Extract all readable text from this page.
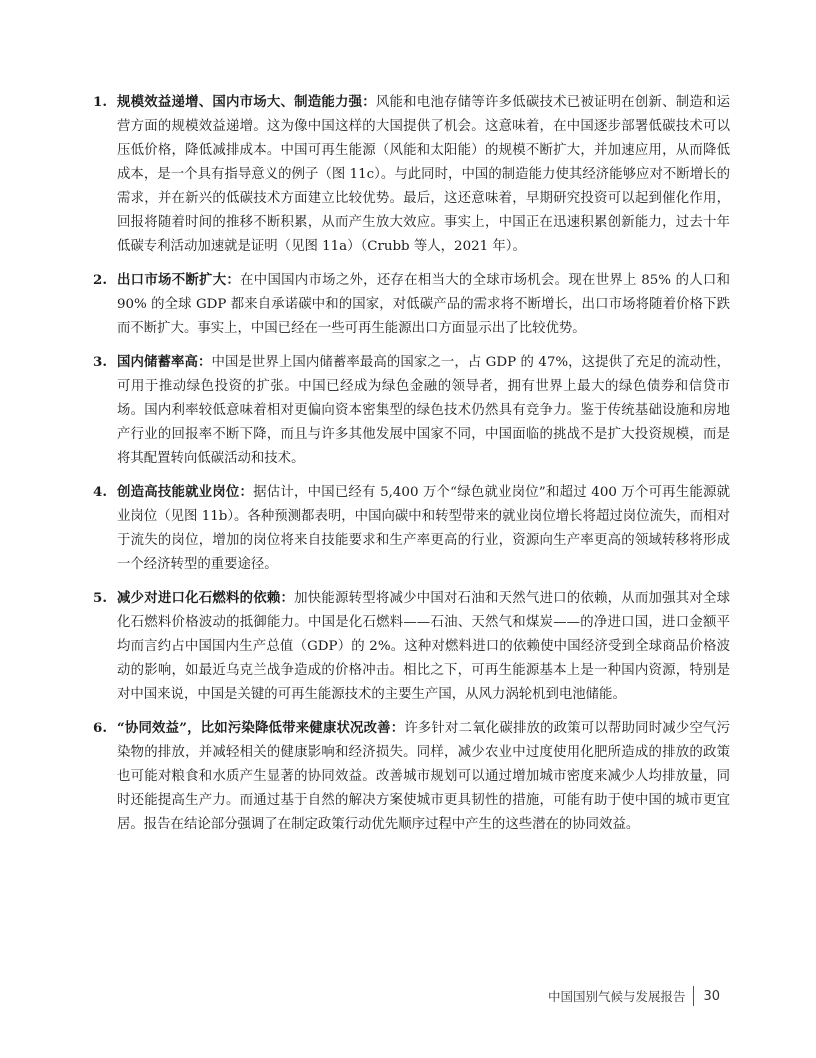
1. 规模效益递增、国内市场大、制造能力强：风能和电池存储等许多低碳技术已被证明在创新、制造和运营方面的规模效益递增。这为像中国这样的大国提供了机会。这意味着，在中国逐步部署低碳技术可以压低价格，降低减排成本。中国可再生能源（风能和太阳能）的规模不断扩大，并加速应用，从而降低成本，是一个具有指导意义的例子（图 11c）。与此同时，中国的制造能力使其经济能够应对不断增长的需求，并在新兴的低碳技术方面建立比较优势。最后，这还意味着，早期研究投资可以起到催化作用，回报将随着时间的推移不断积累，从而产生放大效应。事实上，中国正在迅速积累创新能力，过去十年低碳专利活动加速就是证明（见图 11a）（Crubb 等人，2021 年）。
2. 出口市场不断扩大：在中国国内市场之外，还存在相当大的全球市场机会。现在世界上 85% 的人口和 90% 的全球 GDP 都来自承诺碳中和的国家，对低碳产品的需求将不断增长，出口市场将随着价格下跌而不断扩大。事实上，中国已经在一些可再生能源出口方面显示出了比较优势。
3. 国内储蓄率高：中国是世界上国内储蓄率最高的国家之一，占 GDP 的 47%，这提供了充足的流动性，可用于推动绿色投资的扩张。中国已经成为绿色金融的领导者，拥有世界上最大的绿色债券和信贷市场。国内利率较低意味着相对更偏向资本密集型的绿色技术仍然具有竞争力。鉴于传统基础设施和房地产行业的回报率不断下降，而且与许多其他发展中国家不同，中国面临的挑战不是扩大投资规模，而是将其配置转向低碳活动和技术。
4. 创造高技能就业岗位：据估计，中国已经有 5,400 万个“绿色就业岗位”和超过 400 万个可再生能源就业岗位（见图 11b）。各种预测都表明，中国向碳中和转型带来的就业岗位增长将超过岗位流失，而相对于流失的岗位，增加的岗位将来自技能要求和生产率更高的行业，资源向生产率更高的领域转移将形成一个经济转型的重要途径。
5. 减少对进口化石燃料的依赖：加快能源转型将减少中国对石油和天然气进口的依赖，从而加强其对全球化石燃料价格波动的抵御能力。中国是化石燃料——石油、天然气和煤炭——的净进口国，进口金额平均而言约占中国国内生产总值（GDP）的 2%。这种对燃料进口的依赖使中国经济受到全球商品价格波动的影响，如最近乌克兰战争造成的价格冲击。相比之下，可再生能源基本上是一种国内资源，特别是对中国来说，中国是关键的可再生能源技术的主要生产国，从风力涡轮机到电池储能。
6. “协同效益”，比如污染降低带来健康状况改善：许多针对二氧化碳排放的政策可以帮助同时减少空气污染物的排放，并减轻相关的健康影响和经济损失。同样，减少农业中过度使用化肥所造成的排放的政策也可能对粮食和水质产生显著的协同效益。改善城市规划可以通过增加城市密度来减少人均排放量，同时还能提高生产力。而通过基于自然的解决方案使城市更具韧性的措施，可能有助于使中国的城市更宜居。报告在结论部分强调了在制定政策行动优先顺序过程中产生的这些潜在的协同效益。
中国国别气候与发展报告 30
